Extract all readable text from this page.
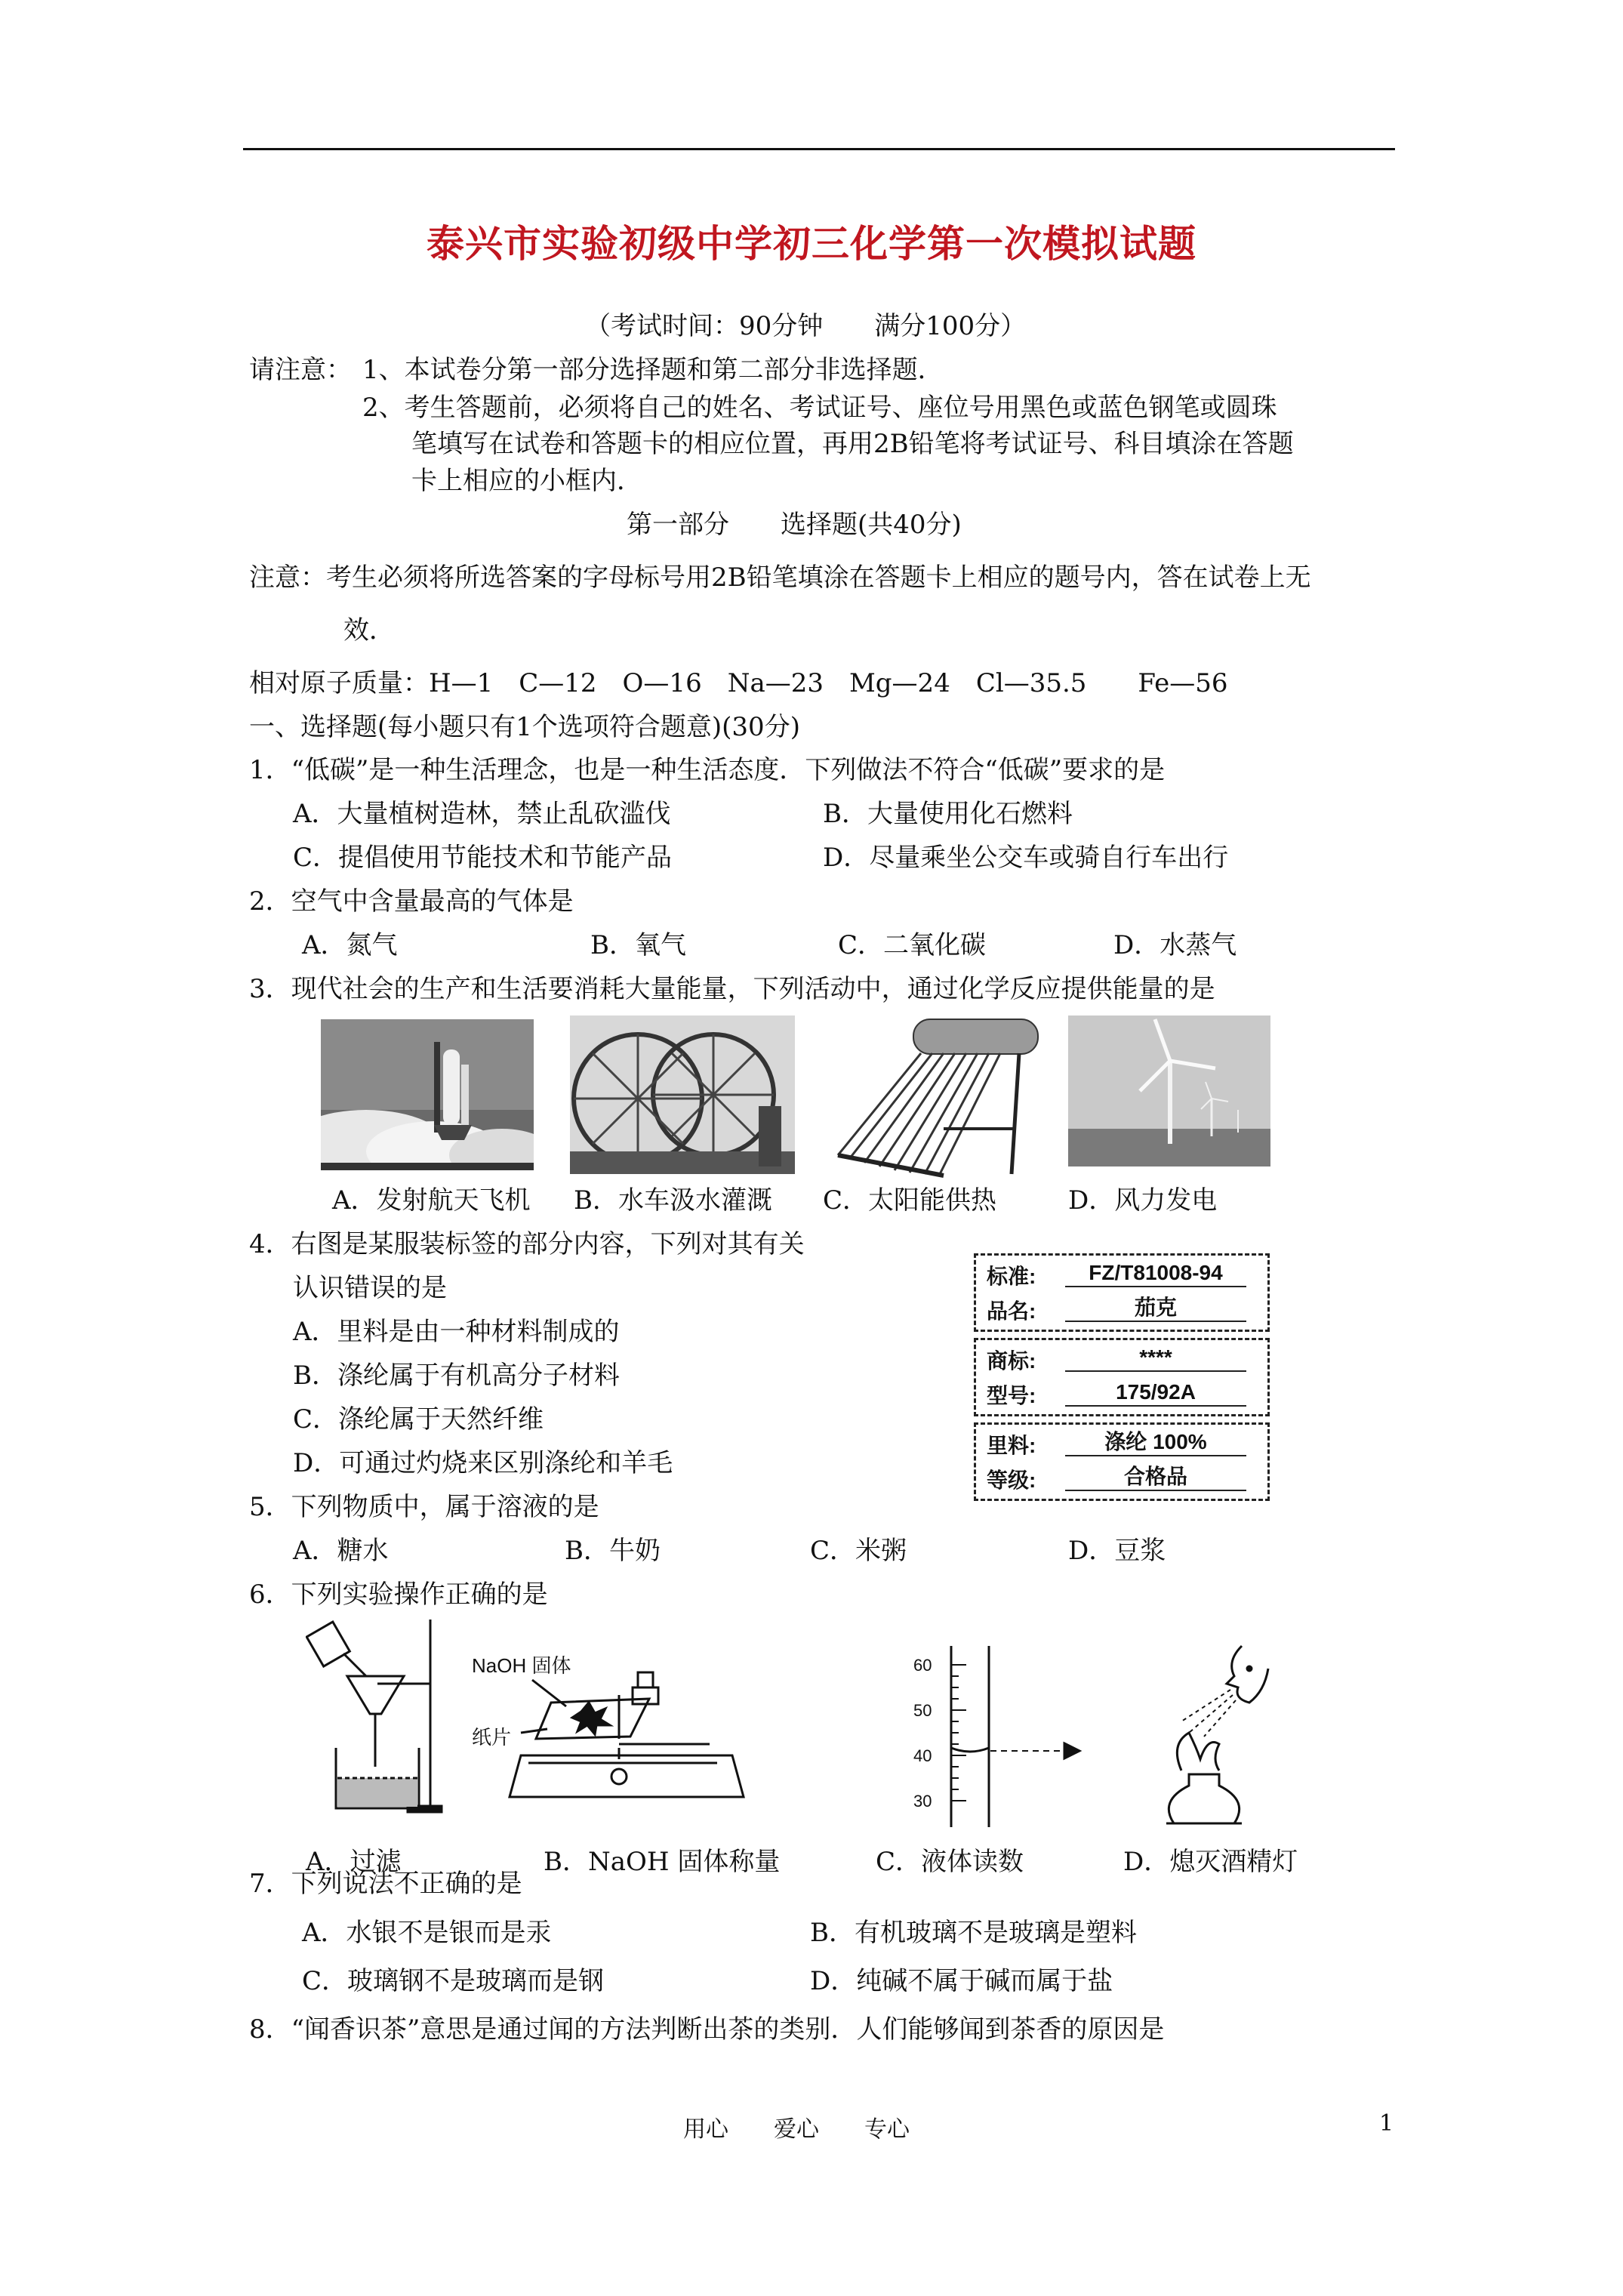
泰兴市实验初级中学初三化学第一次模拟试题
（考试时间：90分钟　　满分100分）
请注意： 1、本试卷分第一部分选择题和第二部分非选择题．
2、考生答题前，必须将自己的姓名、考试证号、座位号用黑色或蓝色钢笔或圆珠
笔填写在试卷和答题卡的相应位置，再用2B铅笔将考试证号、科目填涂在答题
卡上相应的小框内．
第一部分　　选择题(共40分)
注意：考生必须将所选答案的字母标号用2B铅笔填涂在答题卡上相应的题号内，答在试卷上无
效．
相对原子质量：H—1　C—12　O—16　Na—23　Mg—24　Cl—35.5　　Fe—56
一、选择题(每小题只有1个选项符合题意)(30分)
1．“低碳”是一种生活理念，也是一种生活态度．下列做法不符合“低碳”要求的是
A．大量植树造林，禁止乱砍滥伐	B．大量使用化石燃料
C．提倡使用节能技术和节能产品	D．尽量乘坐公交车或骑自行车出行
2．空气中含量最高的气体是
A．氮气	B．氧气	C．二氧化碳	D．水蒸气
3．现代社会的生产和生活要消耗大量能量，下列活动中，通过化学反应提供能量的是
A．发射航天飞机 B．水车汲水灌溉 C．太阳能供热	D．风力发电
4．右图是某服装标签的部分内容，下列对其有关
认识错误的是
A．里料是由一种材料制成的
B．涤纶属于有机高分子材料
C．涤纶属于天然纤维
D．可通过灼烧来区别涤纶和羊毛
标准:	FZ/T81008-94
品名:	茄克
商标:	****
型号:	175/92A
里料:	涤纶 100%
等级:	合格品
5．下列物质中，属于溶液的是
A．糖水	B．牛奶	C．米粥	D．豆浆
6．下列实验操作正确的是
NaOH 固体
纸片
60
50
40
30
A．过滤	B．NaOH 固体称量	C．液体读数	D．熄灭酒精灯
7．下列说法不正确的是
A．水银不是银而是汞	B．有机玻璃不是玻璃是塑料
C．玻璃钢不是玻璃而是钢	D．纯碱不属于碱而属于盐
8．“闻香识茶”意思是通过闻的方法判断出茶的类别．人们能够闻到茶香的原因是
用心　　爱心　　专心	1
